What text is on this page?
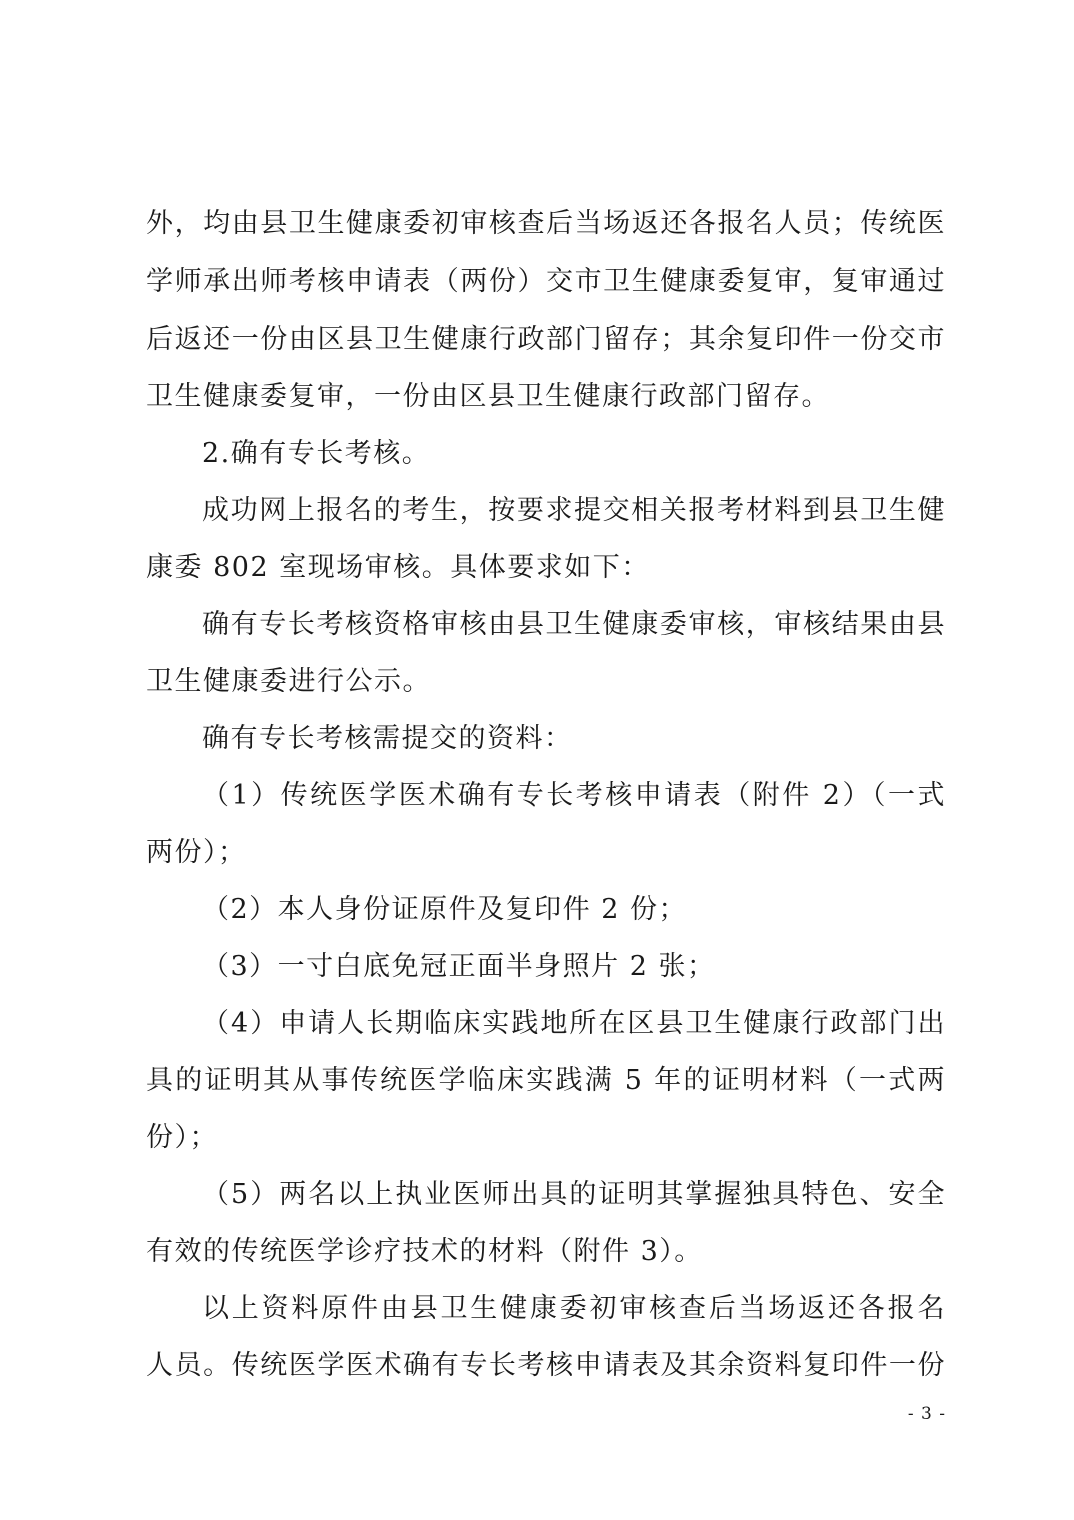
外，均由县卫生健康委初审核查后当场返还各报名人员；传统医
学师承出师考核申请表（两份）交市卫生健康委复审，复审通过
后返还一份由区县卫生健康行政部门留存；其余复印件一份交市
卫生健康委复审，一份由区县卫生健康行政部门留存。
2.确有专长考核。
成功网上报名的考生，按要求提交相关报考材料到县卫生健
康委 802 室现场审核。具体要求如下：
确有专长考核资格审核由县卫生健康委审核，审核结果由县
卫生健康委进行公示。
确有专长考核需提交的资料：
（1）传统医学医术确有专长考核申请表（附件 2）（一式
两份）；
（2）本人身份证原件及复印件 2 份；
（3）一寸白底免冠正面半身照片 2 张；
（4）申请人长期临床实践地所在区县卫生健康行政部门出
具的证明其从事传统医学临床实践满 5 年的证明材料（一式两
份）；
（5）两名以上执业医师出具的证明其掌握独具特色、安全
有效的传统医学诊疗技术的材料（附件 3）。
以上资料原件由县卫生健康委初审核查后当场返还各报名
人员。传统医学医术确有专长考核申请表及其余资料复印件一份
- 3 -
